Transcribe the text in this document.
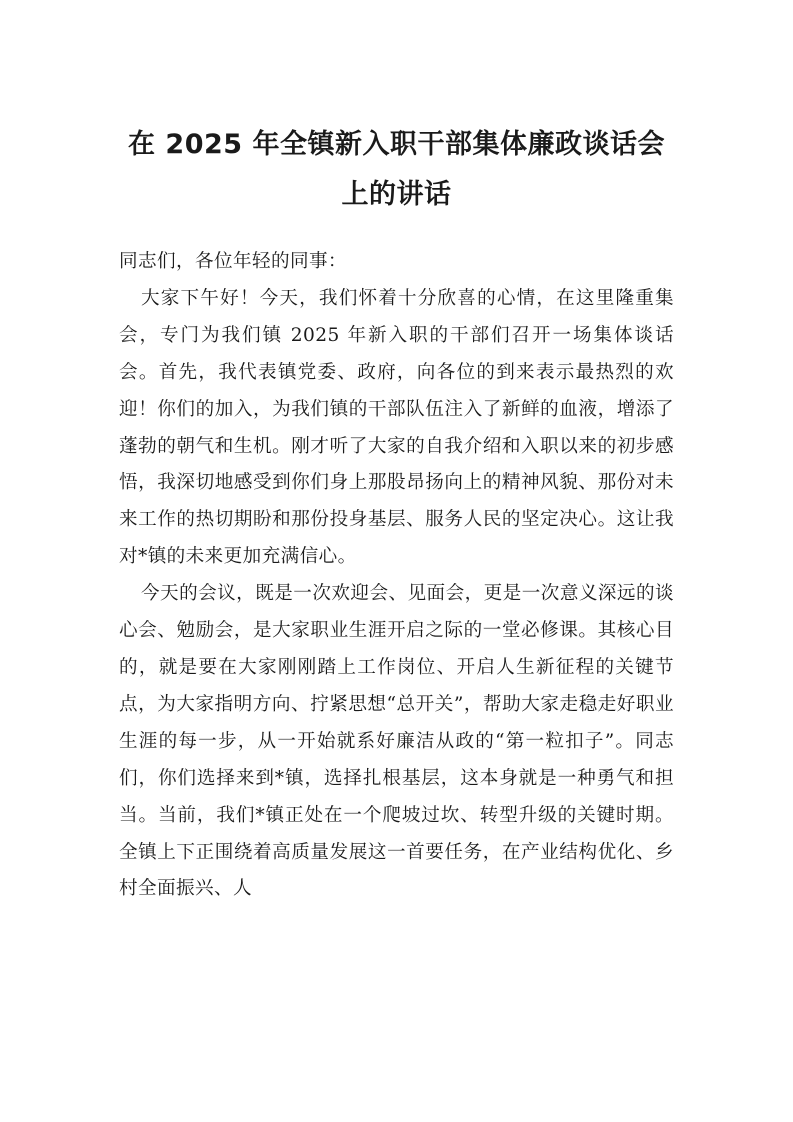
在 2025 年全镇新入职干部集体廉政谈话会上的讲话

同志们，各位年轻的同事：

大家下午好！今天，我们怀着十分欣喜的心情，在这里隆重集会，专门为我们镇 2025 年新入职的干部们召开一场集体谈话会。首先，我代表镇党委、政府，向各位的到来表示最热烈的欢迎！你们的加入，为我们镇的干部队伍注入了新鲜的血液，增添了蓬勃的朝气和生机。刚才听了大家的自我介绍和入职以来的初步感悟，我深切地感受到你们身上那股昂扬向上的精神风貌、那份对未来工作的热切期盼和那份投身基层、服务人民的坚定决心。这让我对*镇的未来更加充满信心。

今天的会议，既是一次欢迎会、见面会，更是一次意义深远的谈心会、勉励会，是大家职业生涯开启之际的一堂必修课。其核心目的，就是要在大家刚刚踏上工作岗位、开启人生新征程的关键节点，为大家指明方向、拧紧思想“总开关”，帮助大家走稳走好职业生涯的每一步，从一开始就系好廉洁从政的“第一粒扣子”。同志们，你们选择来到*镇，选择扎根基层，这本身就是一种勇气和担当。当前，我们*镇正处在一个爬坡过坎、转型升级的关键时期。全镇上下正围绕着高质量发展这一首要任务，在产业结构优化、乡村全面振兴、人
